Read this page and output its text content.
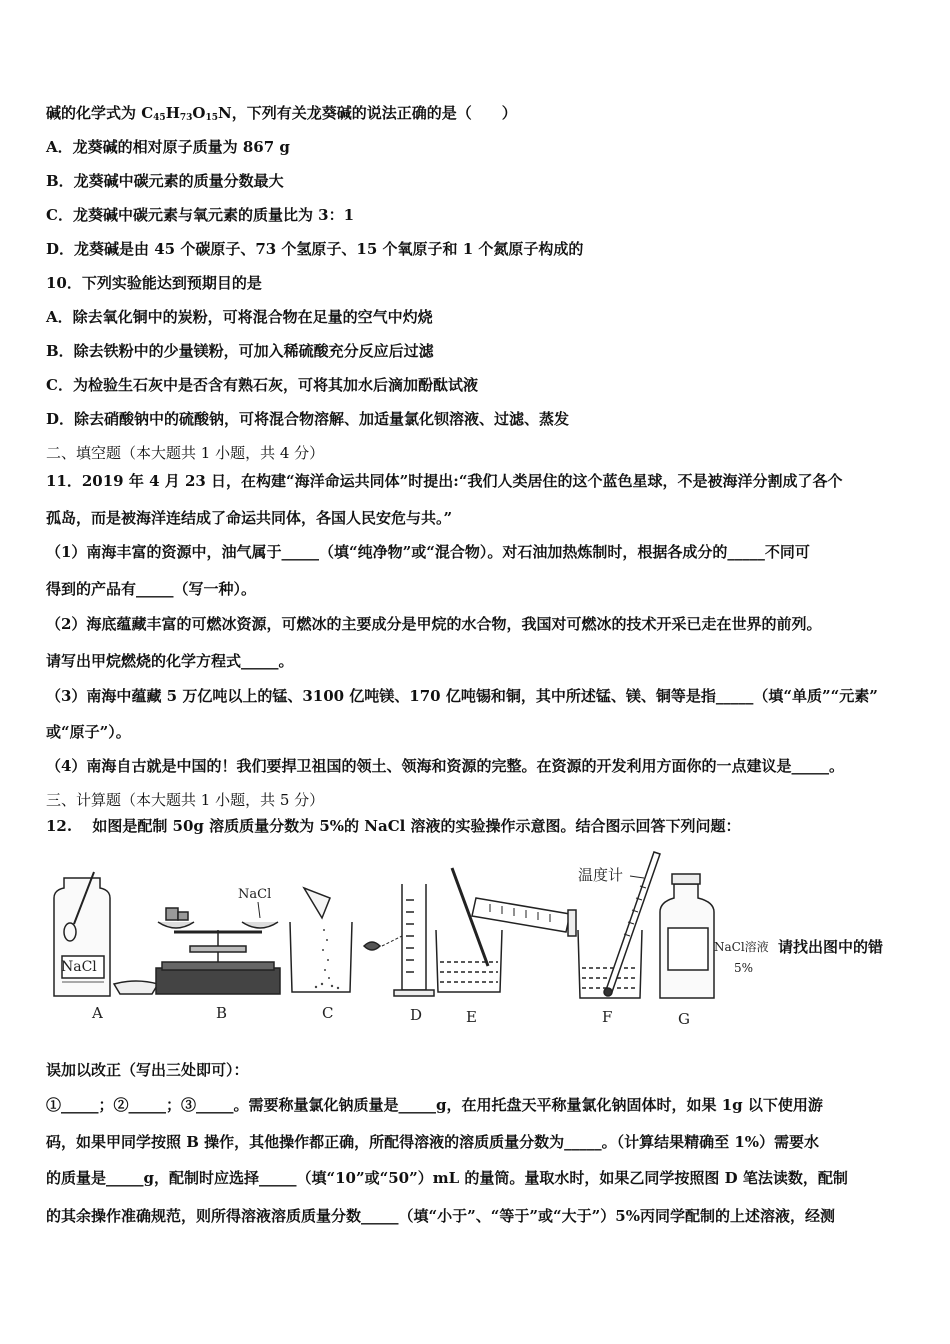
碱的化学式为 $C_{45}H_{73}O_{15}N$，下列有关龙葵碱的说法正确的是（　　）
A．龙葵碱的相对原子质量为 867 g
B．龙葵碱中碳元素的质量分数最大
C．龙葵碱中碳元素与氧元素的质量比为 3：1
D．龙葵碱是由 45 个碳原子、73 个氢原子、15 个氧原子和 1 个氮原子构成的
10．下列实验能达到预期目的是
A．除去氧化铜中的炭粉，可将混合物在足量的空气中灼烧
B．除去铁粉中的少量镁粉，可加入稀硫酸充分反应后过滤
C．为检验生石灰中是否含有熟石灰，可将其加水后滴加酚酞试液
D．除去硝酸钠中的硫酸钠，可将混合物溶解、加适量氯化钡溶液、过滤、蒸发
二、填空题（本大题共 1 小题，共 4 分）
11．2019 年 4 月 23 日，在构建“海洋命运共同体”时提出:“我们人类居住的这个蓝色星球，不是被海洋分割成了各个
孤岛，而是被海洋连结成了命运共同体，各国人民安危与共。”
（1）南海丰富的资源中，油气属于_____（填“纯净物”或“混合物）。对石油加热炼制时，根据各成分的_____不同可
得到的产品有_____（写一种）。
（2）海底蕴藏丰富的可燃冰资源，可燃冰的主要成分是甲烷的水合物，我国对可燃冰的技术开采已走在世界的前列。
请写出甲烷燃烧的化学方程式_____。
（3）南海中蕴藏 5 万亿吨以上的锰、3100 亿吨镁、170 亿吨锡和铜，其中所述锰、镁、铜等是指_____（填“单质”“元素”
或“原子”）。
（4）南海自古就是中国的！我们要捍卫祖国的领土、领海和资源的完整。在资源的开发利用方面你的一点建议是_____。
三、计算题（本大题共 1 小题，共 5 分）
12.　 如图是配制 50g 溶质质量分数为 5%的 NaCl 溶液的实验操作示意图。结合图示回答下列问题：
NaCl
NaCl
温度计
NaCl溶液
5%
A	B	C	D	E	F	G
请找出图中的错
误加以改正（写出三处即可）：
①_____；②_____；③_____。需要称量氯化钠质量是_____g，在用托盘天平称量氯化钠固体时，如果 1g 以下使用游
码，如果甲同学按照 B 操作，其他操作都正确，所配得溶液的溶质质量分数为_____。（计算结果精确至 1%）需要水
的质量是_____g，配制时应选择_____（填“10”或“50”）mL 的量筒。量取水时，如果乙同学按照图 D 笔法读数，配制
的其余操作准确规范，则所得溶液溶质质量分数_____（填“小于”、“等于”或“大于”）5%丙同学配制的上述溶液，经测
